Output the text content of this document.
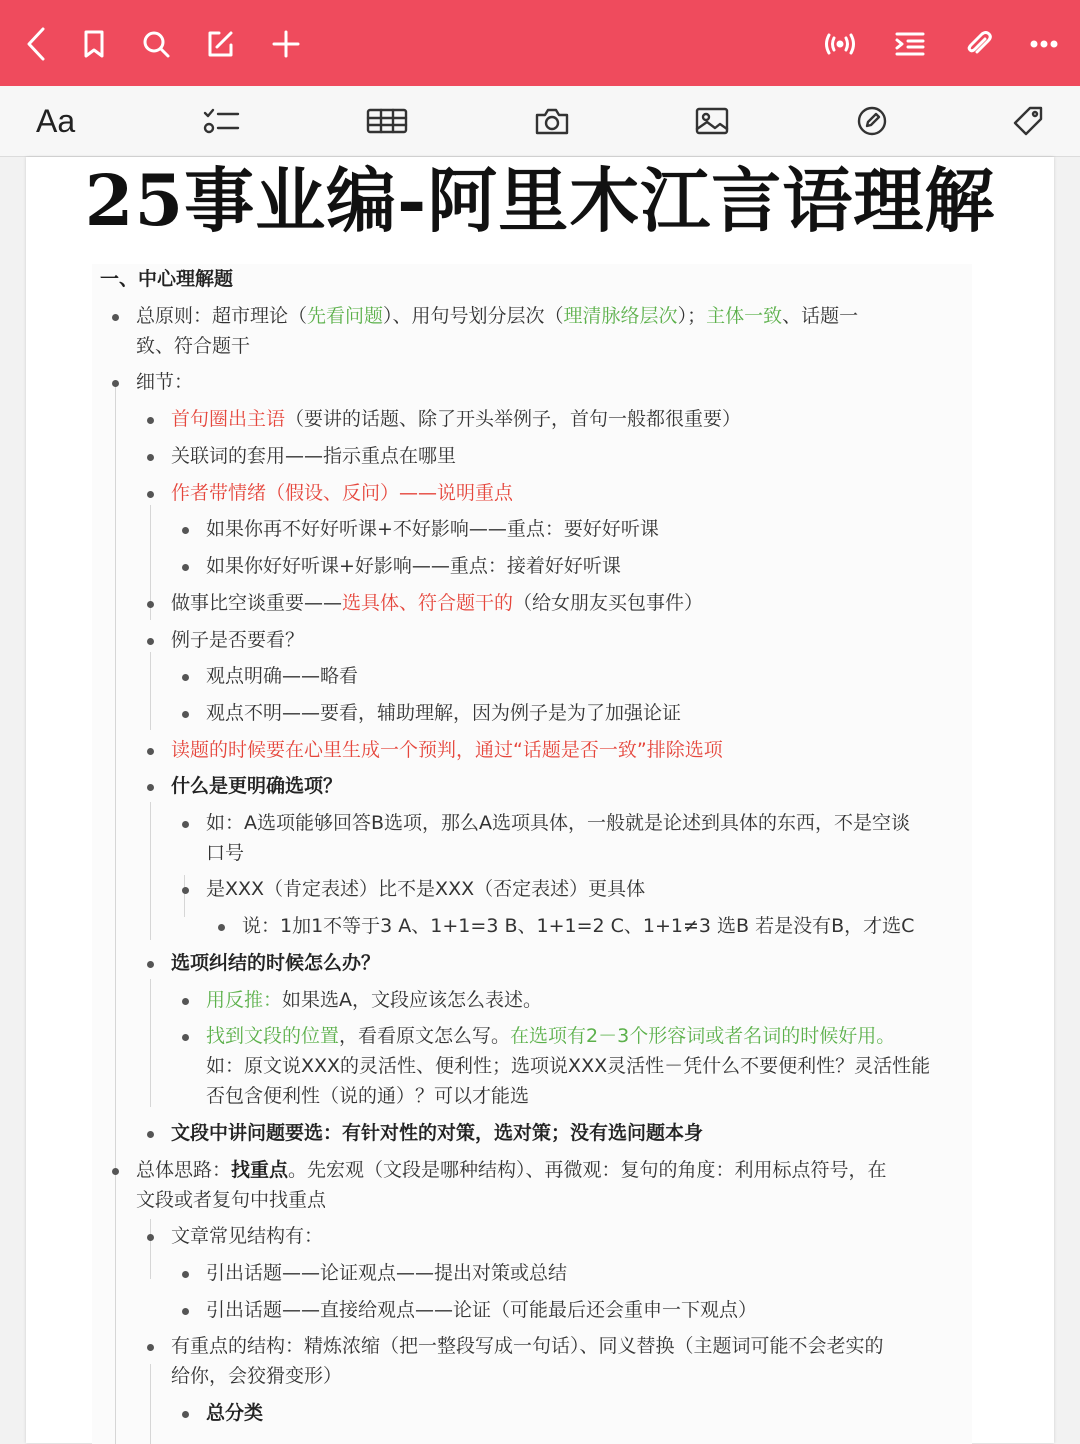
Aa
25事业编-阿里木江言语理解
一、中心理解题
总原则：超市理论（先看问题）、用句号划分层次（理清脉络层次）；主体一致、话题一
致、符合题干
细节：
首句圈出主语（要讲的话题、除了开头举例子，首句一般都很重要）
关联词的套用——指示重点在哪里
作者带情绪（假设、反问）——说明重点
如果你再不好好听课+不好影响——重点：要好好听课
如果你好好听课+好影响——重点：接着好好听课
做事比空谈重要——选具体、符合题干的（给女朋友买包事件）
例子是否要看？
观点明确——略看
观点不明——要看，辅助理解，因为例子是为了加强论证
读题的时候要在心里生成一个预判，通过“话题是否一致”排除选项
什么是更明确选项？
如：A选项能够回答B选项，那么A选项具体，一般就是论述到具体的东西，不是空谈
口号
是XXX（肯定表述）比不是XXX（否定表述）更具体
说：1加1不等于3 A、1+1=3 B、1+1=2 C、1+1≠3 选B 若是没有B，才选C
选项纠结的时候怎么办？
用反推：如果选A，文段应该怎么表述。
找到文段的位置，看看原文怎么写。在选项有2－3个形容词或者名词的时候好用。
如：原文说XXX的灵活性、便利性；选项说XXX灵活性－凭什么不要便利性？灵活性能
否包含便利性（说的通）？可以才能选
文段中讲问题要选：有针对性的对策，选对策；没有选问题本身
总体思路：找重点。先宏观（文段是哪种结构）、再微观：复句的角度：利用标点符号，在
文段或者复句中找重点
文章常见结构有：
引出话题——论证观点——提出对策或总结
引出话题——直接给观点——论证（可能最后还会重申一下观点）
有重点的结构：精炼浓缩（把一整段写成一句话）、同义替换（主题词可能不会老实的
给你，会狡猾变形）
总分类
